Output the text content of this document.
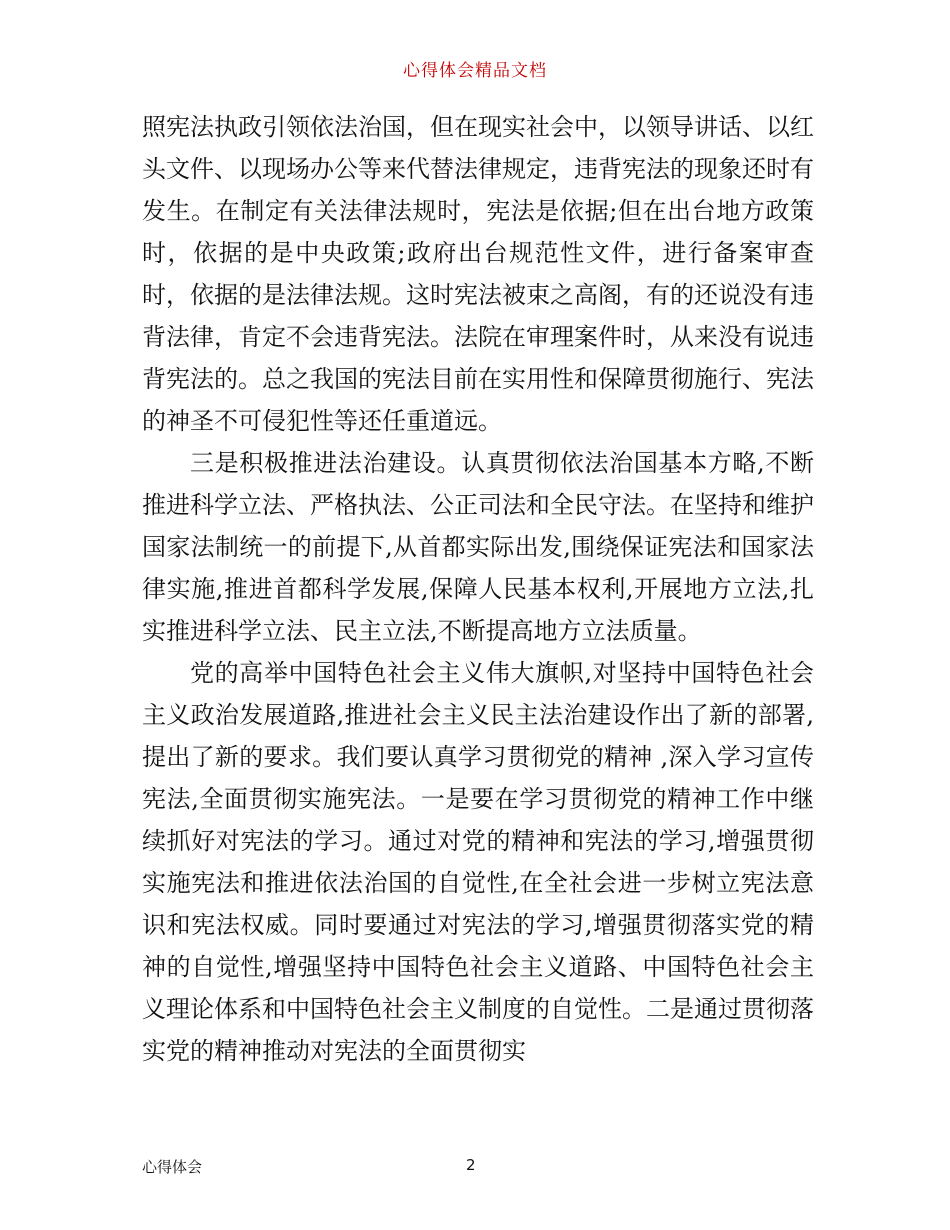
心得体会精品文档

照宪法执政引领依法治国，但在现实社会中，以领导讲话、以红头文件、以现场办公等来代替法律规定，违背宪法的现象还时有发生。在制定有关法律法规时，宪法是依据;但在出台地方政策时，依据的是中央政策;政府出台规范性文件，进行备案审查时，依据的是法律法规。这时宪法被束之高阁，有的还说没有违背法律，肯定不会违背宪法。法院在审理案件时，从来没有说违背宪法的。总之我国的宪法目前在实用性和保障贯彻施行、宪法的神圣不可侵犯性等还任重道远。

三是积极推进法治建设。认真贯彻依法治国基本方略,不断推进科学立法、严格执法、公正司法和全民守法。在坚持和维护国家法制统一的前提下,从首都实际出发,围绕保证宪法和国家法律实施,推进首都科学发展,保障人民基本权利,开展地方立法,扎实推进科学立法、民主立法,不断提高地方立法质量。

党的高举中国特色社会主义伟大旗帜,对坚持中国特色社会主义政治发展道路,推进社会主义民主法治建设作出了新的部署,提出了新的要求。我们要认真学习贯彻党的精神 ,深入学习宣传宪法,全面贯彻实施宪法。一是要在学习贯彻党的精神工作中继续抓好对宪法的学习。通过对党的精神和宪法的学习,增强贯彻实施宪法和推进依法治国的自觉性,在全社会进一步树立宪法意识和宪法权威。同时要通过对宪法的学习,增强贯彻落实党的精神的自觉性,增强坚持中国特色社会主义道路、中国特色社会主义理论体系和中国特色社会主义制度的自觉性。二是通过贯彻落实党的精神推动对宪法的全面贯彻实

心得体会	2
